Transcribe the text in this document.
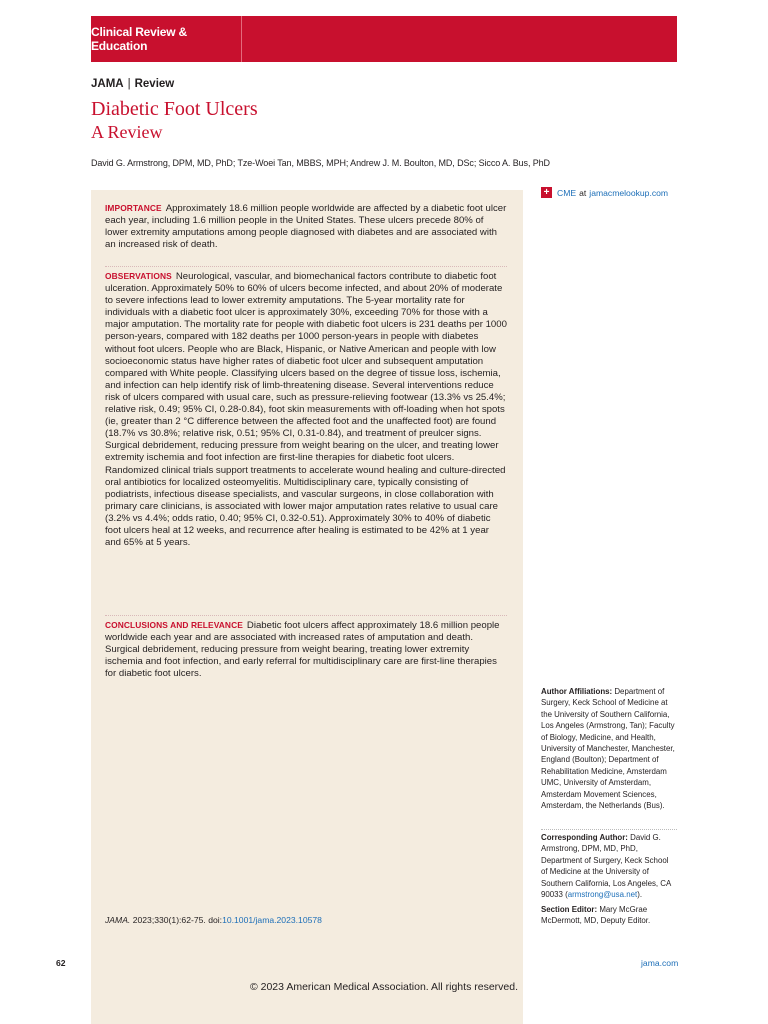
Clinical Review & Education
JAMA | Review
Diabetic Foot Ulcers
A Review
David G. Armstrong, DPM, MD, PhD; Tze-Woei Tan, MBBS, MPH; Andrew J. M. Boulton, MD, DSc; Sicco A. Bus, PhD
IMPORTANCE Approximately 18.6 million people worldwide are affected by a diabetic foot ulcer each year, including 1.6 million people in the United States. These ulcers precede 80% of lower extremity amputations among people diagnosed with diabetes and are associated with an increased risk of death.
OBSERVATIONS Neurological, vascular, and biomechanical factors contribute to diabetic foot ulceration. Approximately 50% to 60% of ulcers become infected, and about 20% of moderate to severe infections lead to lower extremity amputations. The 5-year mortality rate for individuals with a diabetic foot ulcer is approximately 30%, exceeding 70% for those with a major amputation. The mortality rate for people with diabetic foot ulcers is 231 deaths per 1000 person-years, compared with 182 deaths per 1000 person-years in people with diabetes without foot ulcers. People who are Black, Hispanic, or Native American and people with low socioeconomic status have higher rates of diabetic foot ulcer and subsequent amputation compared with White people. Classifying ulcers based on the degree of tissue loss, ischemia, and infection can help identify risk of limb-threatening disease. Several interventions reduce risk of ulcers compared with usual care, such as pressure-relieving footwear (13.3% vs 25.4%; relative risk, 0.49; 95% CI, 0.28-0.84), foot skin measurements with off-loading when hot spots (ie, greater than 2 °C difference between the affected foot and the unaffected foot) are found (18.7% vs 30.8%; relative risk, 0.51; 95% CI, 0.31-0.84), and treatment of preulcer signs. Surgical debridement, reducing pressure from weight bearing on the ulcer, and treating lower extremity ischemia and foot infection are first-line therapies for diabetic foot ulcers. Randomized clinical trials support treatments to accelerate wound healing and culture-directed oral antibiotics for localized osteomyelitis. Multidisciplinary care, typically consisting of podiatrists, infectious disease specialists, and vascular surgeons, in close collaboration with primary care clinicians, is associated with lower major amputation rates relative to usual care (3.2% vs 4.4%; odds ratio, 0.40; 95% CI, 0.32-0.51). Approximately 30% to 40% of diabetic foot ulcers heal at 12 weeks, and recurrence after healing is estimated to be 42% at 1 year and 65% at 5 years.
CONCLUSIONS AND RELEVANCE Diabetic foot ulcers affect approximately 18.6 million people worldwide each year and are associated with increased rates of amputation and death. Surgical debridement, reducing pressure from weight bearing, treating lower extremity ischemia and foot infection, and early referral for multidisciplinary care are first-line therapies for diabetic foot ulcers.
JAMA. 2023;330(1):62-75. doi:10.1001/jama.2023.10578
+ CME at jamacmelookup.com
Author Affiliations: Department of Surgery, Keck School of Medicine at the University of Southern California, Los Angeles (Armstrong, Tan); Faculty of Biology, Medicine, and Health, University of Manchester, Manchester, England (Boulton); Department of Rehabilitation Medicine, Amsterdam UMC, University of Amsterdam, Amsterdam Movement Sciences, Amsterdam, the Netherlands (Bus).
Corresponding Author: David G. Armstrong, DPM, MD, PhD, Department of Surgery, Keck School of Medicine at the University of Southern California, Los Angeles, CA 90033 (armstrong@usa.net).
Section Editor: Mary McGrae McDermott, MD, Deputy Editor.
62	jama.com
© 2023 American Medical Association. All rights reserved.
